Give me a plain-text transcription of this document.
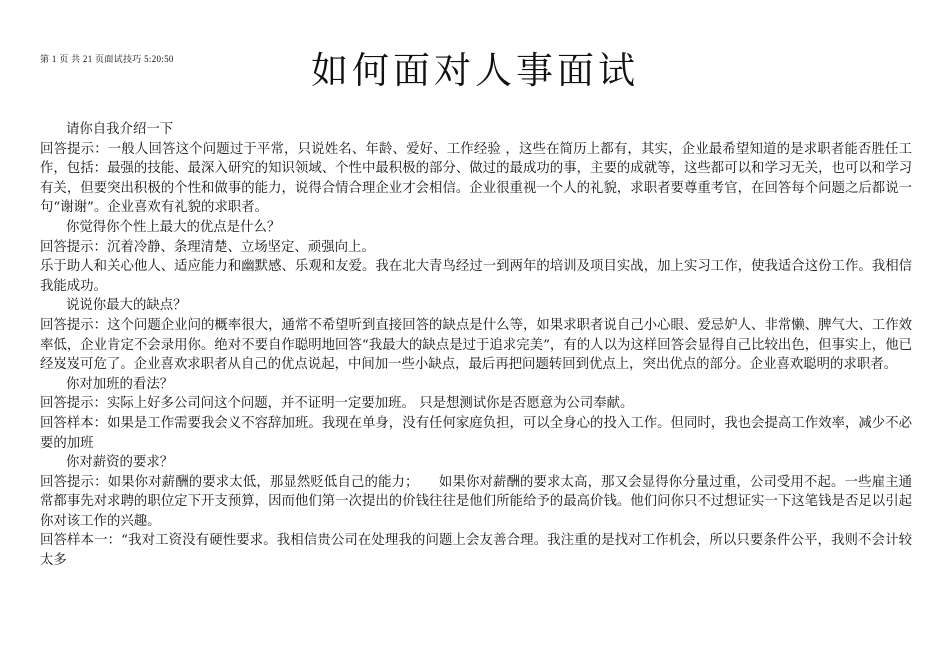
第 1 页 共 21 页面试技巧 5:20:50	如何面对人事面试

请你自我介绍一下

回答提示：一般人回答这个问题过于平常，只说姓名、年龄、爱好、工作经验 ，这些在简历上都有，其实，企业最希望知道的是求职者能否胜任工作，包括：最强的技能、最深入研究的知识领域、个性中最积极的部分、做过的最成功的事，主要的成就等，这些都可以和学习无关，也可以和学习有关，但要突出积极的个性和做事的能力，说得合情合理企业才会相信。企业很重视一个人的礼貌，求职者要尊重考官，在回答每个问题之后都说一句“谢谢”。企业喜欢有礼貌的求职者。

你觉得你个性上最大的优点是什么？

回答提示：沉着冷静、条理清楚、立场坚定、顽强向上。

乐于助人和关心他人、适应能力和幽默感、乐观和友爱。我在北大青鸟经过一到两年的培训及项目实战，加上实习工作，使我适合这份工作。我相信我能成功。

说说你最大的缺点？

回答提示：这个问题企业问的概率很大，通常不希望听到直接回答的缺点是什么等，如果求职者说自己小心眼、爱忌妒人、非常懒、脾气大、工作效率低，企业肯定不会录用你。绝对不要自作聪明地回答“我最大的缺点是过于追求完美”，有的人以为这样回答会显得自己比较出色，但事实上，他已经岌岌可危了。企业喜欢求职者从自己的优点说起，中间加一些小缺点，最后再把问题转回到优点上，突出优点的部分。企业喜欢聪明的求职者。

你对加班的看法？

回答提示：实际上好多公司问这个问题，并不证明一定要加班。 只是想测试你是否愿意为公司奉献。

回答样本：如果是工作需要我会义不容辞加班。我现在单身，没有任何家庭负担，可以全身心的投入工作。但同时，我也会提高工作效率，减少不必要的加班

你对薪资的要求？

回答提示：如果你对薪酬的要求太低，那显然贬低自己的能力；　　如果你对薪酬的要求太高，那又会显得你分量过重，公司受用不起。一些雇主通常都事先对求聘的职位定下开支预算，因而他们第一次提出的价钱往往是他们所能给予的最高价钱。他们问你只不过想证实一下这笔钱是否足以引起你对该工作的兴趣。

回答样本一：“我对工资没有硬性要求。我相信贵公司在处理我的问题上会友善合理。我注重的是找对工作机会，所以只要条件公平，我则不会计较太多
